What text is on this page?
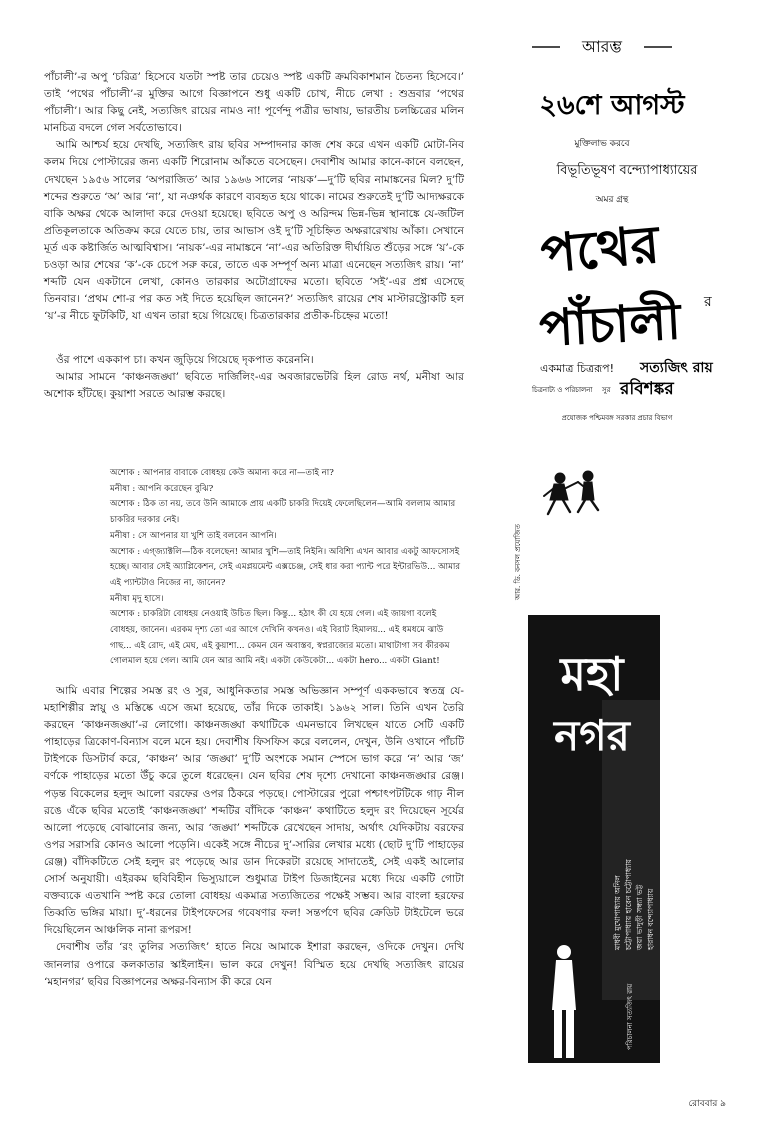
পাঁচালী’-র অপু ‘চরিত্র’ হিসেবে যতটা স্পষ্ট তার চেয়েও স্পষ্ট একটি ক্রমবিকাশমান চৈতন্য হিসেবে।’ তাই ‘পথের পাঁচালী’-র মুক্তির আগে বিজ্ঞাপনে শুধু একটি চোখ, নীচে লেখা : শুভ্রবার ‘পথের পাঁচালী’। আর কিছু নেই, সত্যজিৎ রায়ের নামও না! পূর্ণেন্দু পত্রীর ভাষায়, ভারতীয় চলচ্চিত্রের মলিন মানচিত্র বদলে গেল সর্বতোভাবে।

আমি আশ্চর্য হয়ে দেখছি, সত্যজিৎ রায় ছবির সম্পাদনার কাজ শেষ করে এখন একটি মোটা-নিব কলম দিয়ে পোস্টারের জন্য একটি শিরোনাম আঁকতে বসেছেন। দেবাশীষ আমার কানে-কানে বলছেন, দেখছেন ১৯৫৬ সালের ‘অপরাজিত’ আর ১৯৬৬ সালের ‘নায়ক’—দু’টি ছবির নামাঙ্কনের মিল? দু’টি শব্দের শুরুতে ‘অ’ আর ‘না’, যা নঞর্থক কারণে ব্যবহৃত হয়ে থাকে। নামের শুরুতেই দু’টি আদ্যক্ষরকে বাকি অক্ষর থেকে আলাদা করে দেওয়া হয়েছে। ছবিতে অপু ও অরিন্দম ভিন্ন-ভিন্ন স্থানাঙ্কে যে-জটিল প্রতিকূলতাকে অতিক্রম করে যেতে চায়, তার আভাস ওই দু’টি সূচিহ্নিত অক্ষরারেখায় আঁকা। সেখানে মূর্ত এক কষ্টার্জিত আত্মবিশ্বাস। ‘নায়ক’-এর নামাঙ্কনে ‘না’-এর অতিরিক্ত দীর্ঘায়িত শুঁড়ের সঙ্গে ‘য়’-কে চওড়া আর শেষের ‘ক’-কে চেপে সরু করে, তাতে এক সম্পূর্ণ অন্য মাত্রা এনেছেন সত্যজিৎ রায়। ‘না’ শব্দটি যেন একটানে লেখা, কোনও তারকার অটোগ্রাফের মতো। ছবিতে ‘সই’-এর প্রশ্ন এসেছে তিনবার। ‘প্রথম শো-র পর কত সই দিতে হয়েছিল জানেন?’ সত্যজিৎ রায়ের শেষ মাস্টারস্ট্রোকটি হল ‘য়’-র নীচে ফুটকিটি, যা এখন তারা হয়ে গিয়েছে। চিত্রতারকার প্রতীক-চিহ্নের মতো!

ওঁর পাশে এককাপ চা। কখন জুড়িয়ে গিয়েছে দৃকপাত করেননি।

আমার সামনে ‘কাঞ্চনজঙ্ঘা’ ছবিতে দার্জিলিং-এর অবজারভেটরি হিল রোড নর্থ, মনীষা আর অশোক হাঁটছে। কুয়াশা সরতে আরম্ভ করছে।

অশোক : আপনার বাবাকে বোধহয় কেউ অমান্য করে না—তাই না?

মনীষা : আপনি করেছেন বুঝি?

অশোক : ঠিক তা নয়, তবে উনি আমাকে প্রায় একটি চাকরি দিয়েই ফেলেছিলেন—আমি বললাম আমার চাকরির দরকার নেই।

মনীষা : সে আপনার যা খুশি তাই বলবেন আপনি।

অশোক : এগ্জ্যাক্টলি—ঠিক বলেছেন! আমার খুশি—তাই নিইনি। অবিশ্যি এখন আবার একটু আফসোসই হচ্ছে। আবার সেই অ্যাপ্লিকেশন, সেই এমপ্লয়মেন্ট এক্সচেঞ্জ, সেই ধার করা প্যান্ট পরে ইন্টারভিউ... আমার এই প্যান্টটাও নিজের না, জানেন?

মনীষা মৃদু হাসে।

অশোক : চাকরিটা বোধহয় নেওয়াই উচিত ছিল। কিন্তু... হঠাৎ কী যে হয়ে গেল। এই জায়গা বলেই বোধহয়, জানেন। এরকম দৃশ্য তো এর আগে দেখিনি কখনও। এই বিরাট হিমালয়... এই ধমধমে ঝাউ গাছ... এই রোদ, এই মেঘ, এই কুয়াশা... কেমন যেন অবাস্তব, স্বপ্নরাজ্যের মতো। মাথাটাগা সব কীরকম গোলমাল হয়ে গেল। আমি যেন আর আমি নই। একটা কেউকেটা... একটা hero... একটা Giant!

আমি এবার শিল্পের সমস্ত রং ও সুর, আধুনিকতার সমস্ত অভিজ্ঞান সম্পূর্ণ এককভাবে স্বতন্ত্র যে-মহাশিল্পীর স্নায়ু ও মস্তিষ্কে এসে জমা হয়েছে, তাঁর দিকে তাকাই। ১৯৬২ সাল। তিনি এখন তৈরি করছেন ‘কাঞ্চনজঙ্ঘা’-র লোগো। কাঞ্চনজঙ্ঘা কথাটিকে এমনভাবে লিখছেন যাতে সেটি একটি পাহাড়ের ত্রিকোণ-বিন্যাস বলে মনে হয়। দেবাশীষ ফিসফিস করে বললেন, দেখুন, উনি ওখানে পাঁচটি টাইপকে ডিসটার্ব করে, ‘কাঞ্চন’ আর ‘জঙ্ঘা’ দু’টি অংশকে সমান স্পেসে ভাগ করে ‘ন’ আর ‘জ’ বর্ণকে পাহাড়ের মতো উঁচু করে তুলে ধরেছেন। যেন ছবির শেষ দৃশ্যে দেখানো কাঞ্চনজঙ্ঘার রেঞ্জ। পড়ন্ত বিকেলের হলুদ আলো বরফের ওপর ঠিকরে পড়ছে। পোস্টারের পুরো পশ্চাৎপটটিকে গাঢ় নীল রঙে এঁকে ছবির মতোই ‘কাঞ্চনজঙ্ঘা’ শব্দটির বাঁদিকে ‘কাঞ্চন’ কথাটিতে হলুদ রং দিয়েছেন সূর্যের আলো পড়েছে বোঝানোর জন্য, আর ‘জঙ্ঘা’ শব্দটিকে রেখেছেন সাদায়, অর্থাৎ যেদিকটায় বরফের ওপর সরাসরি কোনও আলো পড়েনি। একেই সঙ্গে নীচের দু’-সারির লেখার মধ্যে (ছোট দু’টি পাহাড়ের রেঞ্জ) বাঁদিকটিতে সেই হলুদ রং পড়েছে আর ডান দিকেরটা রয়েছে সাদাতেই, সেই একই আলোর সোর্স অনুযায়ী। এইরকম ছবিবিহীন ভিস্যুয়ালে শুধুমাত্র টাইপ ডিজাইনের মধ্যে দিয়ে একটি গোটা বক্তব্যকে এতখানি স্পষ্ট করে তোলা বোধহয় একমাত্র সত্যজিতের পক্ষেই সম্ভব। আর বাংলা হরফের তিব্বতি ভঙ্গির মায়া। দু’-ধরনের টাইপফেসের গবেষণার ফল! সন্তর্পণে ছবির ক্রেডিট টাইটেলে ভরে দিয়েছিলেন আঞ্চলিক নানা রূপরস!

দেবাশীষ তাঁর ‘রং তুলির সত্যজিৎ’ হাতে নিয়ে আমাকে ইশারা করছেন, ওদিকে দেখুন। দেখি জানলার ওপারে কলকাতার স্কাইলাইন। ভাল করে দেখুন! বিস্মিত হয়ে দেখছি সত্যজিৎ রায়ের ‘মহানগর’ ছবির বিজ্ঞাপনের অক্ষর-বিন্যাস কী করে যেন

আরম্ভ
২৬শে আগস্ট
মুক্তিলাভ করবে
বিভূতিভূষণ বন্দ্যোপাধ্যায়ের
অমর গ্রন্থ
পথের
পাঁচালী র
একমাত্র চিত্ররূপ! সত্যজিৎ রায়
চিত্রনাট্য ও পরিচালনা সুর রবিশঙ্কর
প্রযোজক পশ্চিমবঙ্গ সরকার প্রচার বিভাগ
আর. ডি. বনসল প্রযোজিত
মহা
নগর
মাধবী মুখোপাধ্যায় অনিল চট্টোপাধ্যায় হারেন চট্টোপাধ্যায় জয়া ভাদুড়ী সন্ধ্যা ভট্ট হারাধন বন্দ্যোপাধ্যায়
পরিচালনা সত্যজিৎ রায়
রোববার ৯
